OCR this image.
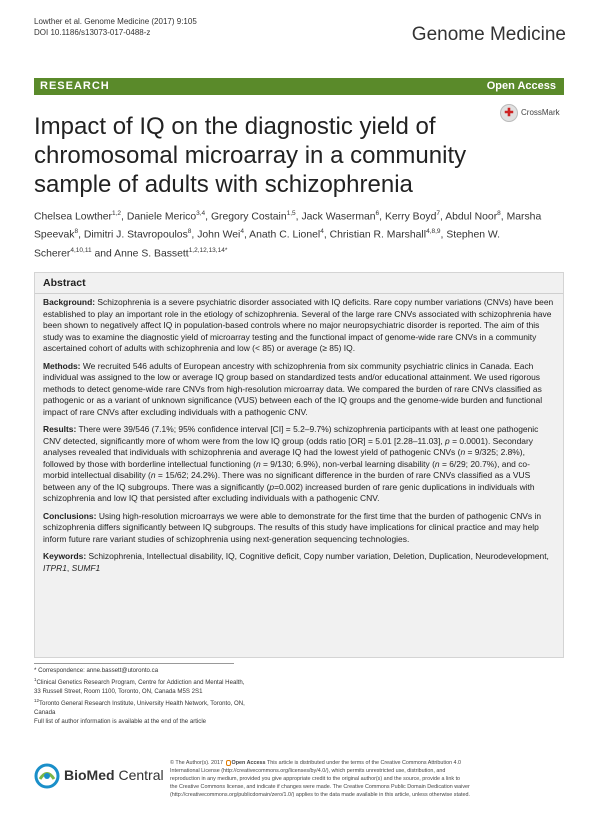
Lowther et al. Genome Medicine (2017) 9:105
DOI 10.1186/s13073-017-0488-z	Genome Medicine
RESEARCH	Open Access
✚ CrossMark
Impact of IQ on the diagnostic yield of chromosomal microarray in a community sample of adults with schizophrenia
Chelsea Lowther$^{1,2}$, Daniele Merico$^{3,4}$, Gregory Costain$^{1,5}$, Jack Waserman$^6$, Kerry Boyd$^7$, Abdul Noor$^8$, Marsha Speevak$^8$, Dimitri J. Stavropoulos$^8$, John Wei$^4$, Anath C. Lionel$^4$, Christian R. Marshall$^{4,8,9}$, Stephen W. Scherer$^{4,10,11}$ and Anne S. Bassett$^{1,2,12,13,14*}$
Abstract

Background: Schizophrenia is a severe psychiatric disorder associated with IQ deficits. Rare copy number variations (CNVs) have been established to play an important role in the etiology of schizophrenia. Several of the large rare CNVs associated with schizophrenia have been shown to negatively affect IQ in population-based controls where no major neuropsychiatric disorder is reported. The aim of this study was to examine the diagnostic yield of microarray testing and the functional impact of genome-wide rare CNVs in a community ascertained cohort of adults with schizophrenia and low (< 85) or average (≥ 85) IQ.

Methods: We recruited 546 adults of European ancestry with schizophrenia from six community psychiatric clinics in Canada. Each individual was assigned to the low or average IQ group based on standardized tests and/or educational attainment. We used rigorous methods to detect genome-wide rare CNVs from high-resolution microarray data. We compared the burden of rare CNVs classified as pathogenic or as a variant of unknown significance (VUS) between each of the IQ groups and the genome-wide burden and functional impact of rare CNVs after excluding individuals with a pathogenic CNV.

Results: There were 39/546 (7.1%; 95% confidence interval [CI] = 5.2–9.7%) schizophrenia participants with at least one pathogenic CNV detected, significantly more of whom were from the low IQ group (odds ratio [OR] = 5.01 [2.28–11.03], p = 0.0001). Secondary analyses revealed that individuals with schizophrenia and average IQ had the lowest yield of pathogenic CNVs (n = 9/325; 2.8%), followed by those with borderline intellectual functioning (n = 9/130; 6.9%), non-verbal learning disability (n = 6/29; 20.7%), and co-morbid intellectual disability (n = 15/62; 24.2%). There was no significant difference in the burden of rare CNVs classified as a VUS between any of the IQ subgroups. There was a significantly (p=0.002) increased burden of rare genic duplications in individuals with schizophrenia and low IQ that persisted after excluding individuals with a pathogenic CNV.

Conclusions: Using high-resolution microarrays we were able to demonstrate for the first time that the burden of pathogenic CNVs in schizophrenia differs significantly between IQ subgroups. The results of this study have implications for clinical practice and may help inform future rare variant studies of schizophrenia using next-generation sequencing technologies.

Keywords: Schizophrenia, Intellectual disability, IQ, Cognitive deficit, Copy number variation, Deletion, Duplication, Neurodevelopment, ITPR1, SUMF1

* Correspondence: anne.bassett@utoronto.ca
$^1$Clinical Genetics Research Program, Centre for Addiction and Mental Health,
33 Russell Street, Room 1100, Toronto, ON, Canada M5S 2S1
$^{12}$Toronto General Research Institute, University Health Network, Toronto, ON,
Canada
Full list of author information is available at the end of the article
BioMed Central
© The Author(s). 2017 Open Access This article is distributed under the terms of the Creative Commons Attribution 4.0
International License (http://creativecommons.org/licenses/by/4.0/), which permits unrestricted use, distribution, and
reproduction in any medium, provided you give appropriate credit to the original author(s) and the source, provide a link to
the Creative Commons license, and indicate if changes were made. The Creative Commons Public Domain Dedication waiver
(http://creativecommons.org/publicdomain/zero/1.0/) applies to the data made available in this article, unless otherwise stated.
